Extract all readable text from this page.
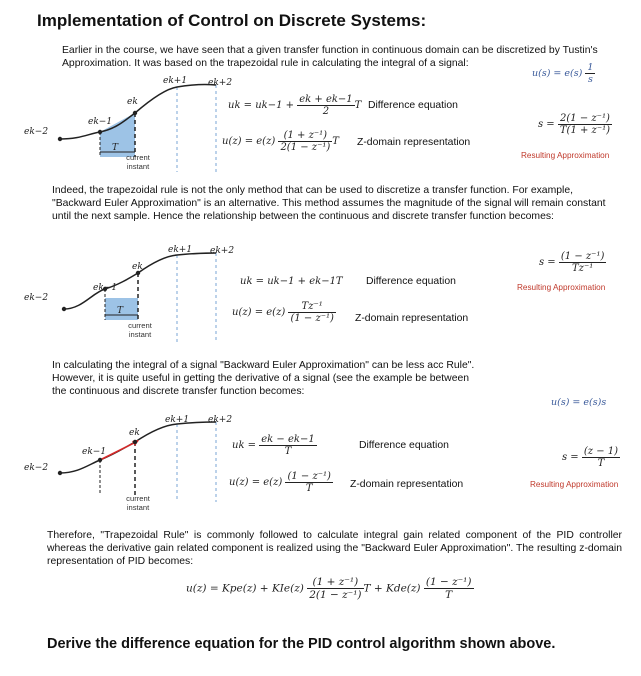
Implementation of Control on Discrete Systems:
Earlier in the course, we have seen that a given transfer function in continuous domain can be discretized by Tustin's Approximation. It was based on the trapezoidal rule in calculating the integral of a signal:
$u(s) = e(s) \frac{1}{s}$
T
ek−2
ek−1
ek
ek+1 ek+2
current
instant
uk = $uk-1 + \frac{ek + ek-1}{2}$ T Difference equation
$u(z) = e(z) \frac{\text{(1 + z⁻¹)}}{\text{2(1 − z⁻¹)}}$ T Z-domain representation
$s = \frac{\text{2(1 − z⁻¹)}}{\text{T(1 + z⁻¹)}}$
Resulting Approximation
Indeed, the trapezoidal rule is not the only method that can be used to discretize a transfer function. For example, "Backward Euler Approximation" is an alternative. This method assumes the magnitude of the signal will remain constant until the next sample. Hence the relationship between the continuous and discrete transfer function becomes:
T
ek−2
ek−1
ek
ek+1 ek+2
current
instant
uk = uk−1 + ek−1T Difference equation
$u(z) = e(z) \frac{\text{Tz⁻¹}}{\text{(1 − z⁻¹)}}$ Z-domain representation
$s = \frac{\text{(1 − z⁻¹)}}{\text{Tz⁻¹}}$
Resulting Approximation
In calculating the integral of a signal "Backward Euler Approximation" can be less acc Rule". However, it is quite useful in getting the derivative of a signal (see the example be between the continuous and discrete transfer function becomes:
u(s) = e(s)s
ek−2
ek−1
ek
ek+1 ek+2
current
instant
uk = $\frac{ek - ek-1}{T}$	Difference equation
$u(z) = e(z) \frac{\text{(1 − z⁻¹)}}{T}$ Z-domain representation
$s = \frac{(z - 1)}{T}$
Resulting Approximation
Therefore, "Trapezoidal Rule" is commonly followed to calculate integral gain related component of the PID controller whereas the derivative gain related component is realized using the "Backward Euler Approximation". The resulting z-domain representation of PID becomes:
$u(z) = Kpe(z) + KIe(z) \frac{\text{(1 + z⁻¹)}}{\text{2(1 − z⁻¹)}}$ $T + Kde(z) \frac{\text{(1 − z⁻¹)}}{T}$
Derive the difference equation for the PID control algorithm shown above.
